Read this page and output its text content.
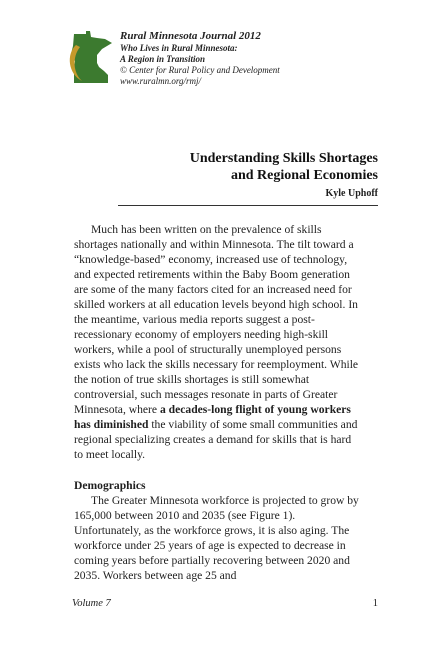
Rural Minnesota Journal 2012
Who Lives in Rural Minnesota:
A Region in Transition
© Center for Rural Policy and Development
www.ruralmn.org/rmj/
Understanding Skills Shortages
and Regional Economies
Kyle Uphoff

Much has been written on the prevalence of skills shortages nationally and within Minnesota. The tilt toward a “knowledge-based” economy, increased use of technology, and expected retirements within the Baby Boom generation are some of the many factors cited for an increased need for skilled workers at all education levels beyond high school. In the meantime, various media reports suggest a post-recessionary economy of employers needing high-skill workers, while a pool of structurally unemployed persons exists who lack the skills necessary for reemployment. While the notion of true skills shortages is still somewhat controversial, such messages resonate in parts of Greater Minnesota, where a decades-long flight of young workers has diminished the viability of some small communities and regional specializing creates a demand for skills that is hard to meet locally.

Demographics

The Greater Minnesota workforce is projected to grow by 165,000 between 2010 and 2035 (see Figure 1). Unfortunately, as the workforce grows, it is also aging. The workforce under 25 years of age is expected to decrease in coming years before partially recovering between 2020 and 2035. Workers between age 25 and

Volume 7	1
